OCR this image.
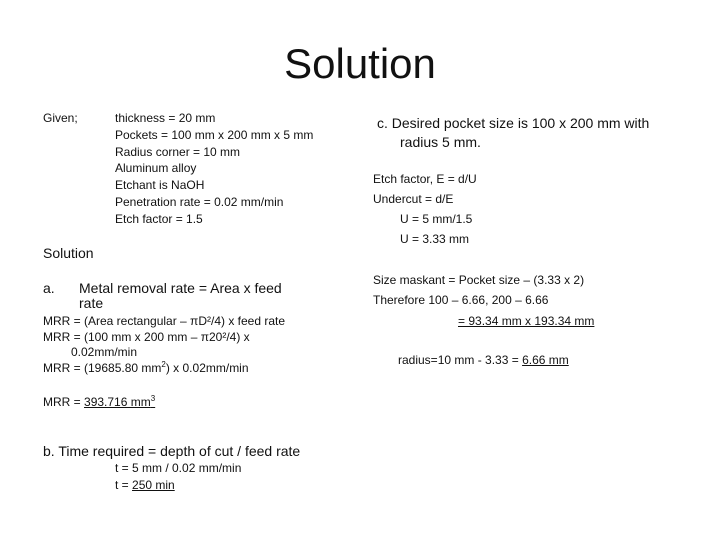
Solution
Given;	thickness = 20 mm
Pockets = 100 mm x 200 mm x 5 mm
Radius corner = 10 mm
Aluminum alloy
Etchant is NaOH
Penetration rate = 0.02 mm/min
Etch factor = 1.5
Solution
a. Metal removal rate = Area x feed
rate
MRR = (Area rectangular – πD²/4) x feed rate
MRR = (100 mm x 200 mm – π20²/4) x
0.02mm/min
MRR = (19685.80 $mm^2$) x 0.02mm/min
MRR = 393.716 $mm^3$
b. Time required = depth of cut / feed rate
t = 5 mm / 0.02 mm/min
t = 250 min
c. Desired pocket size is 100 x 200 mm with
radius 5 mm.
Etch factor, E = d/U
Undercut = d/E
U = 5 mm/1.5
U = 3.33 mm
Size maskant = Pocket size – (3.33 x 2)
Therefore 100 – 6.66, 200 – 6.66
= 93.34 mm x 193.34 mm
radius=10 mm - 3.33 = 6.66 mm
